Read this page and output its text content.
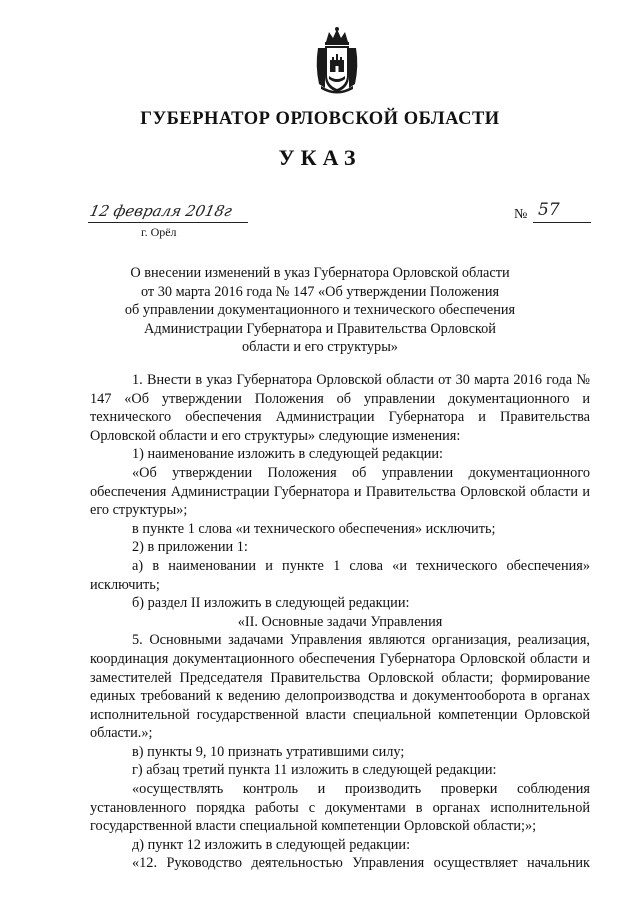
ГУБЕРНАТОР ОРЛОВСКОЙ ОБЛАСТИ
УКАЗ
12 февраля 2018г
г. Орёл
№ 57
О внесении изменений в указ Губернатора Орловской области
от 30 марта 2016 года № 147 «Об утверждении Положения
об управлении документационного и технического обеспечения
Администрации Губернатора и Правительства Орловской
области и его структуры»

1. Внести в указ Губернатора Орловской области от 30 марта 2016 года № 147 «Об утверждении Положения об управлении документационного и технического обеспечения Администрации Губернатора и Правительства Орловской области и его структуры» следующие изменения:

1) наименование изложить в следующей редакции:

«Об утверждении Положения об управлении документационного обеспечения Администрации Губернатора и Правительства Орловской области и его структуры»;

в пункте 1 слова «и технического обеспечения» исключить;

2) в приложении 1:

а) в наименовании и пункте 1 слова «и технического обеспечения» исключить;

б) раздел II изложить в следующей редакции:

«II. Основные задачи Управления

5. Основными задачами Управления являются организация, реализация, координация документационного обеспечения Губернатора Орловской области и заместителей Председателя Правительства Орловской области; формирование единых требований к ведению делопроизводства и документооборота в органах исполнительной государственной власти специальной компетенции Орловской области.»;

в) пункты 9, 10 признать утратившими силу;

г) абзац третий пункта 11 изложить в следующей редакции:

«осуществлять контроль и производить проверки соблюдения установленного порядка работы с документами в органах исполнительной государственной власти специальной компетенции Орловской области;»;

д) пункт 12 изложить в следующей редакции:

«12. Руководство деятельностью Управления осуществляет начальник
